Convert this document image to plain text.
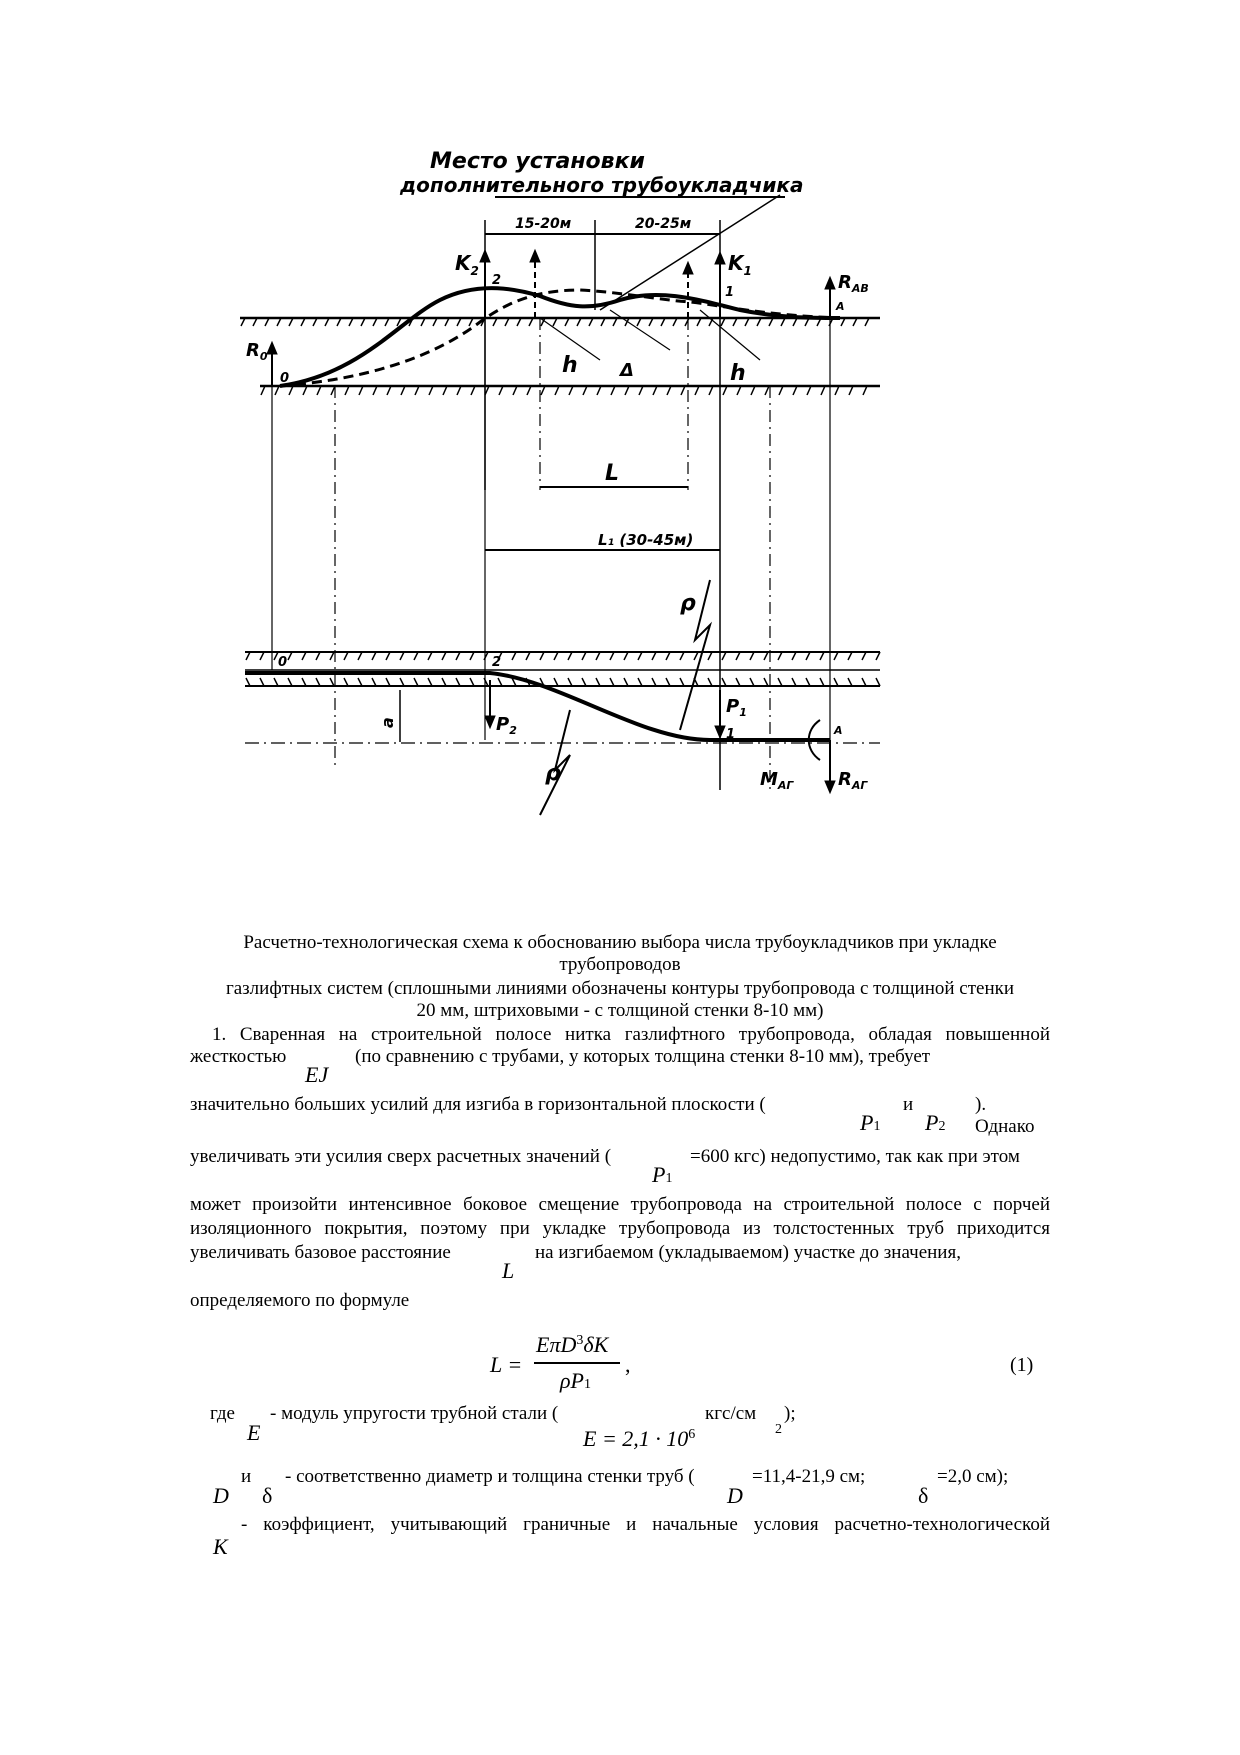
Место установки
дополнительного трубоукладчика
15-20м	20-25м
$K_2$
2
$K_1$
1	$R_{AB}$
A
$R_0$
0
h Δ	h
L
L₁ (30-45м)
ρ
ρ
0	2
1	A
$P_2$
$P_1$
a
$M_{AГ}$ $R_{AГ}$
Расчетно-технологическая схема к обоснованию выбора числа трубоукладчиков при укладке
трубопроводов
газлифтных систем (сплошными линиями обозначены контуры трубопровода с толщиной стенки
20 мм, штриховыми - с толщиной стенки 8-10 мм)
1. Сваренная на строительной полосе нитка газлифтного трубопровода, обладая повышенной
жесткостью	(по сравнению с трубами, у которых толщина стенки 8-10 мм), требует
EJ
значительно больших усилий для изгиба в горизонтальной плоскости (	и	). Однако
P1 P2
увеличивать эти усилия сверх расчетных значений (	=600 кгс) недопустимо, так как при этом
P1
может произойти интенсивное боковое смещение трубопровода на строительной полосе с порчей
изоляционного покрытия, поэтому при укладке трубопровода из толстостенных труб приходится
увеличивать базовое расстояние	на изгибаемом (укладываемом) участке до значения,
L
определяемого по формуле
L =
EπD$^3$δK
ρP1
,	(1)
где
E
- модуль упругости трубной стали (	кгс/см
2
);
$E = 2,1 \cdot 10^6$
и
D δ
- соответственно диаметр и толщина стенки труб (
D
=11,4-21,9 см;
δ
=2,0 см);
- коэффициент, учитывающий граничные и начальные условия расчетно-технологической
K
